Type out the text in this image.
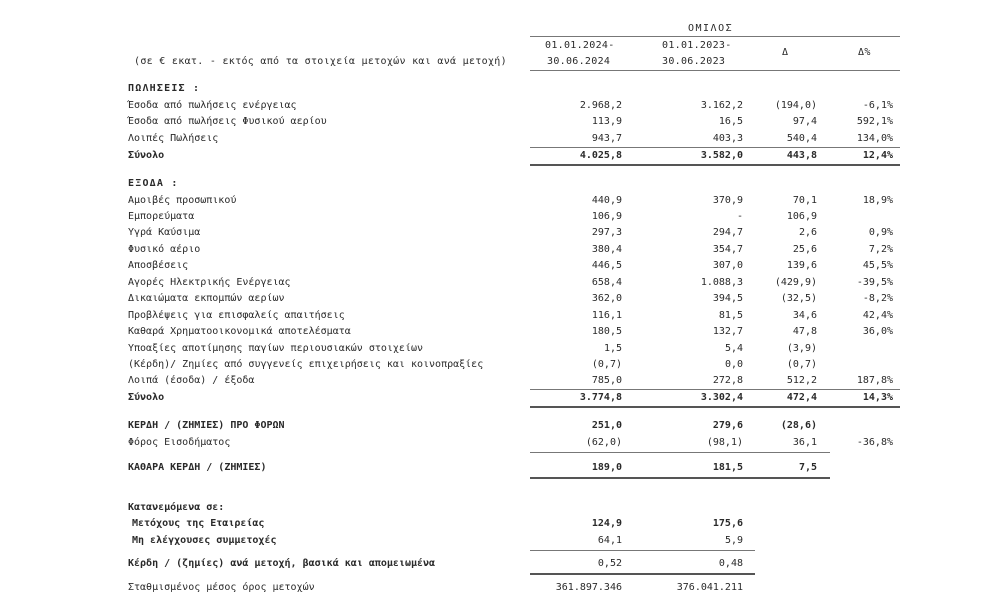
ΟΜΙΛΟΣ
01.01.2024-
30.06.2024
01.01.2023-
30.06.2023
Δ	Δ%
(σε € εκατ. - εκτός από τα στοιχεία μετοχών και ανά μετοχή)
ΠΩΛΗΣΕΙΣ :
Έσοδα από πωλήσεις ενέργειας	2.968,2	3.162,2	(194,0)	-6,1%
Έσοδα από πωλήσεις Φυσικού αερίου	113,9	16,5	97,4	592,1%
Λοιπές Πωλήσεις	943,7	403,3	540,4	134,0%
Σύνολο	4.025,8	3.582,0	443,8	12,4%
ΕΞΟΔΑ :
Αμοιβές προσωπικού	440,9	370,9	70,1	18,9%
Εμπορεύματα	106,9	-	106,9
Υγρά Καύσιμα	297,3	294,7	2,6	0,9%
Φυσικό αέριο	380,4	354,7	25,6	7,2%
Αποσβέσεις	446,5	307,0	139,6	45,5%
Αγορές Ηλεκτρικής Ενέργειας	658,4	1.088,3	(429,9)	-39,5%
Δικαιώματα εκπομπών αερίων	362,0	394,5	(32,5)	-8,2%
Προβλέψεις για επισφαλείς απαιτήσεις	116,1	81,5	34,6	42,4%
Καθαρά Χρηματοοικονομικά αποτελέσματα	180,5	132,7	47,8	36,0%
Υποαξίες αποτίμησης παγίων περιουσιακών στοιχείων	1,5	5,4	(3,9)
(Κέρδη)/ Ζημίες από συγγενείς επιχειρήσεις και κοινοπραξίες	(0,7)	0,0	(0,7)
Λοιπά (έσοδα) / έξοδα	785,0	272,8	512,2	187,8%
Σύνολο	3.774,8	3.302,4	472,4	14,3%
ΚΕΡΔΗ / (ΖΗΜΙΕΣ) ΠΡΟ ΦΟΡΩΝ	251,0	279,6	(28,6)
Φόρος Εισοδήματος	(62,0)	(98,1)	36,1	-36,8%
ΚΑΘΑΡΑ ΚΕΡΔΗ / (ΖΗΜΙΕΣ)	189,0	181,5	7,5
Κατανεμόμενα σε:
Μετόχους της Εταιρείας	124,9	175,6
Μη ελέγχουσες συμμετοχές	64,1	5,9
Κέρδη / (ζημίες) ανά μετοχή, βασικά και απομειωμένα	0,52	0,48
Σταθμισμένος μέσος όρος μετοχών	361.897.346	376.041.211
